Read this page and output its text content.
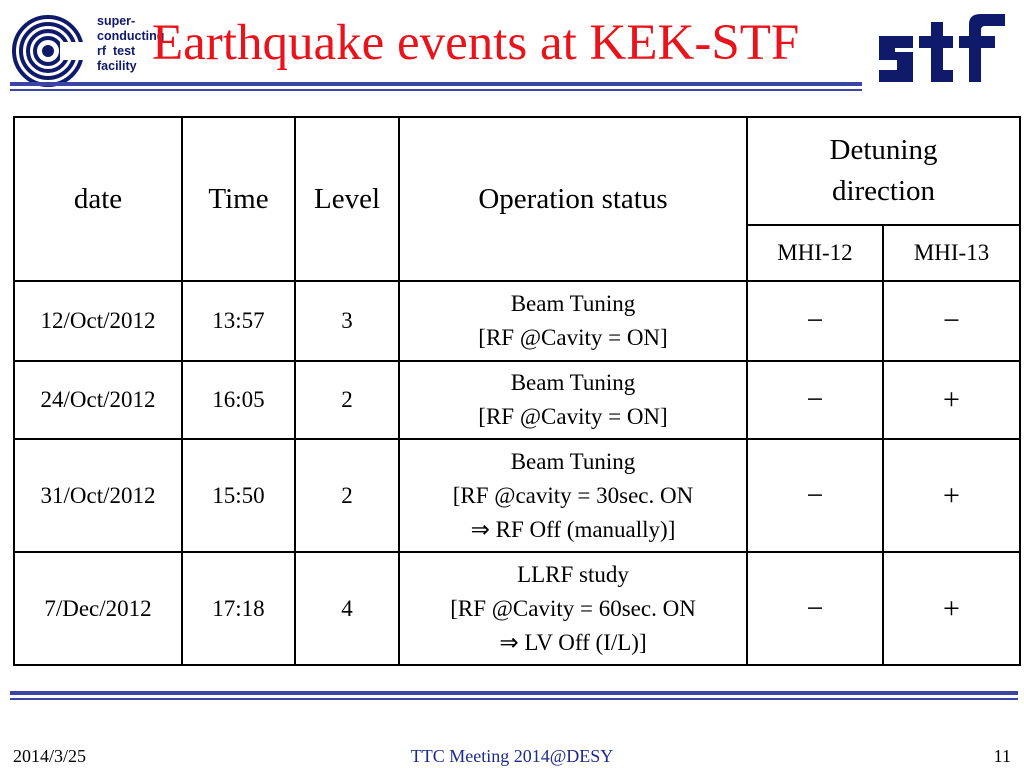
super-
conducting
rf  test
facility Earthquake events at KEK-STF
date	Time	Level	Operation status	Detuning direction	

				MHI-12	MHI-13
12/Oct/2012	13:57	3	Beam Tuning
[RF @Cavity = ON]	−	−
24/Oct/2012	16:05	2	Beam Tuning
[RF @Cavity = ON]	−	+
31/Oct/2012	15:50	2	Beam Tuning
[RF @cavity = 30sec. ON
⇒ RF Off (manually)]	−	+
7/Dec/2012	17:18	4	LLRF study
[RF @Cavity = 60sec. ON
⇒ LV Off (I/L)]	−	+
2014/3/25	TTC Meeting 2014@DESY	11
